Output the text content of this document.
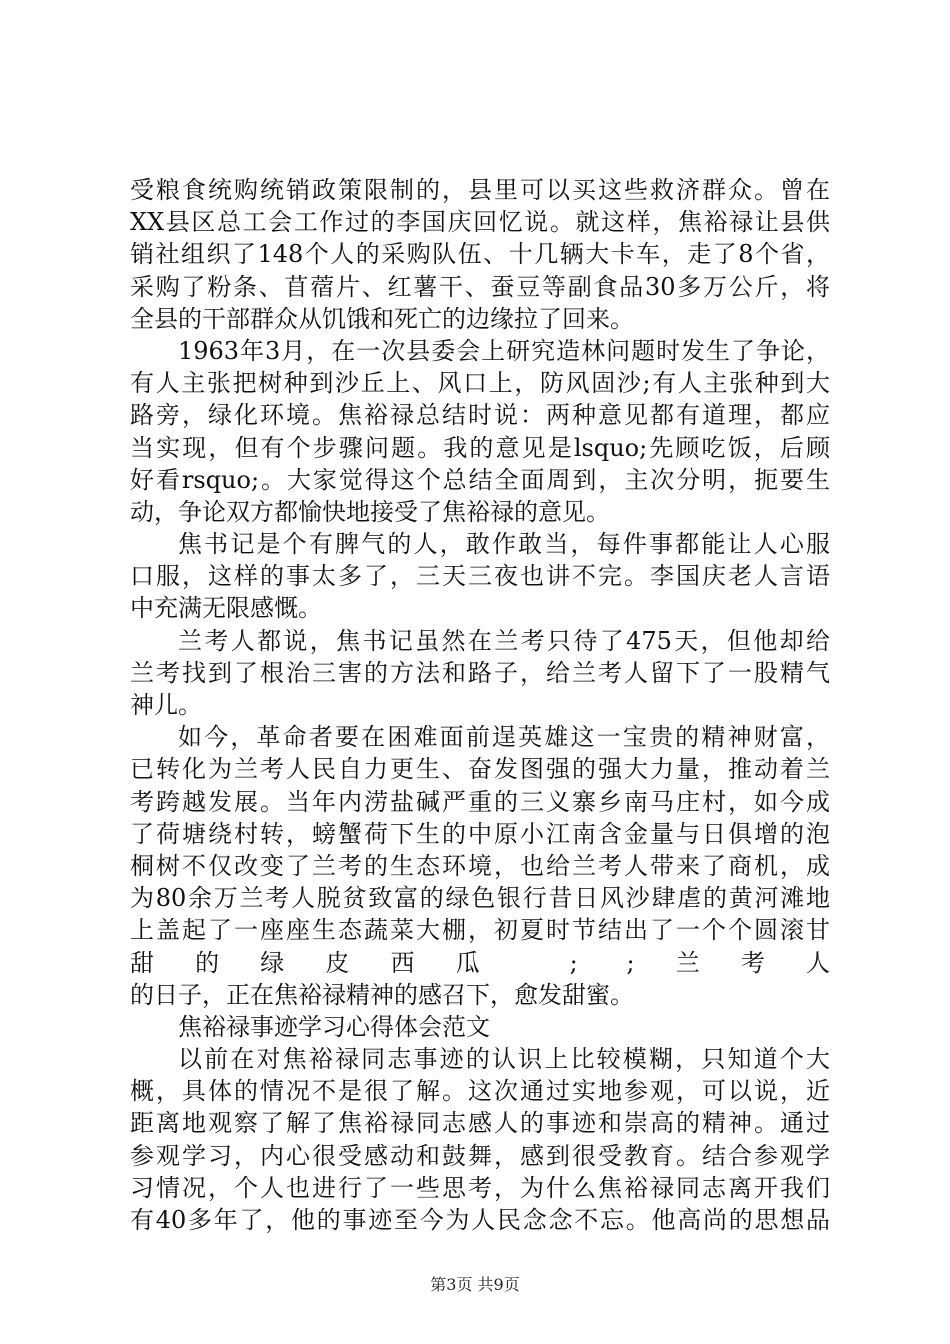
受粮食统购统销政策限制的，县里可以买这些救济群众。曾在
XX县区总工会工作过的李国庆回忆说。就这样，焦裕禄让县供
销社组织了148个人的采购队伍、十几辆大卡车，走了8个省，
采购了粉条、苜蓿片、红薯干、蚕豆等副食品30多万公斤，将
全县的干部群众从饥饿和死亡的边缘拉了回来。
1963年3月，在一次县委会上研究造林问题时发生了争论，
有人主张把树种到沙丘上、风口上，防风固沙;有人主张种到大
路旁，绿化环境。焦裕禄总结时说：两种意见都有道理，都应
当实现，但有个步骤问题。我的意见是lsquo;先顾吃饭，后顾
好看rsquo;。大家觉得这个总结全面周到，主次分明，扼要生
动，争论双方都愉快地接受了焦裕禄的意见。
焦书记是个有脾气的人，敢作敢当，每件事都能让人心服
口服，这样的事太多了，三天三夜也讲不完。李国庆老人言语
中充满无限感慨。
兰考人都说，焦书记虽然在兰考只待了475天，但他却给
兰考找到了根治三害的方法和路子，给兰考人留下了一股精气
神儿。
如今，革命者要在困难面前逞英雄这一宝贵的精神财富，
已转化为兰考人民自力更生、奋发图强的强大力量，推动着兰
考跨越发展。当年内涝盐碱严重的三义寨乡南马庄村，如今成
了荷塘绕村转，螃蟹荷下生的中原小江南含金量与日俱增的泡
桐树不仅改变了兰考的生态环境，也给兰考人带来了商机，成
为80余万兰考人脱贫致富的绿色银行昔日风沙肆虐的黄河滩地
上盖起了一座座生态蔬菜大棚，初夏时节结出了一个个圆滚甘
甜的绿皮西瓜 ; ;兰考人
的日子，正在焦裕禄精神的感召下，愈发甜蜜。
焦裕禄事迹学习心得体会范文
以前在对焦裕禄同志事迹的认识上比较模糊，只知道个大
概，具体的情况不是很了解。这次通过实地参观，可以说，近
距离地观察了解了焦裕禄同志感人的事迹和崇高的精神。通过
参观学习，内心很受感动和鼓舞，感到很受教育。结合参观学
习情况，个人也进行了一些思考，为什么焦裕禄同志离开我们
有40多年了，他的事迹至今为人民念念不忘。他高尚的思想品
第3页 共9页
